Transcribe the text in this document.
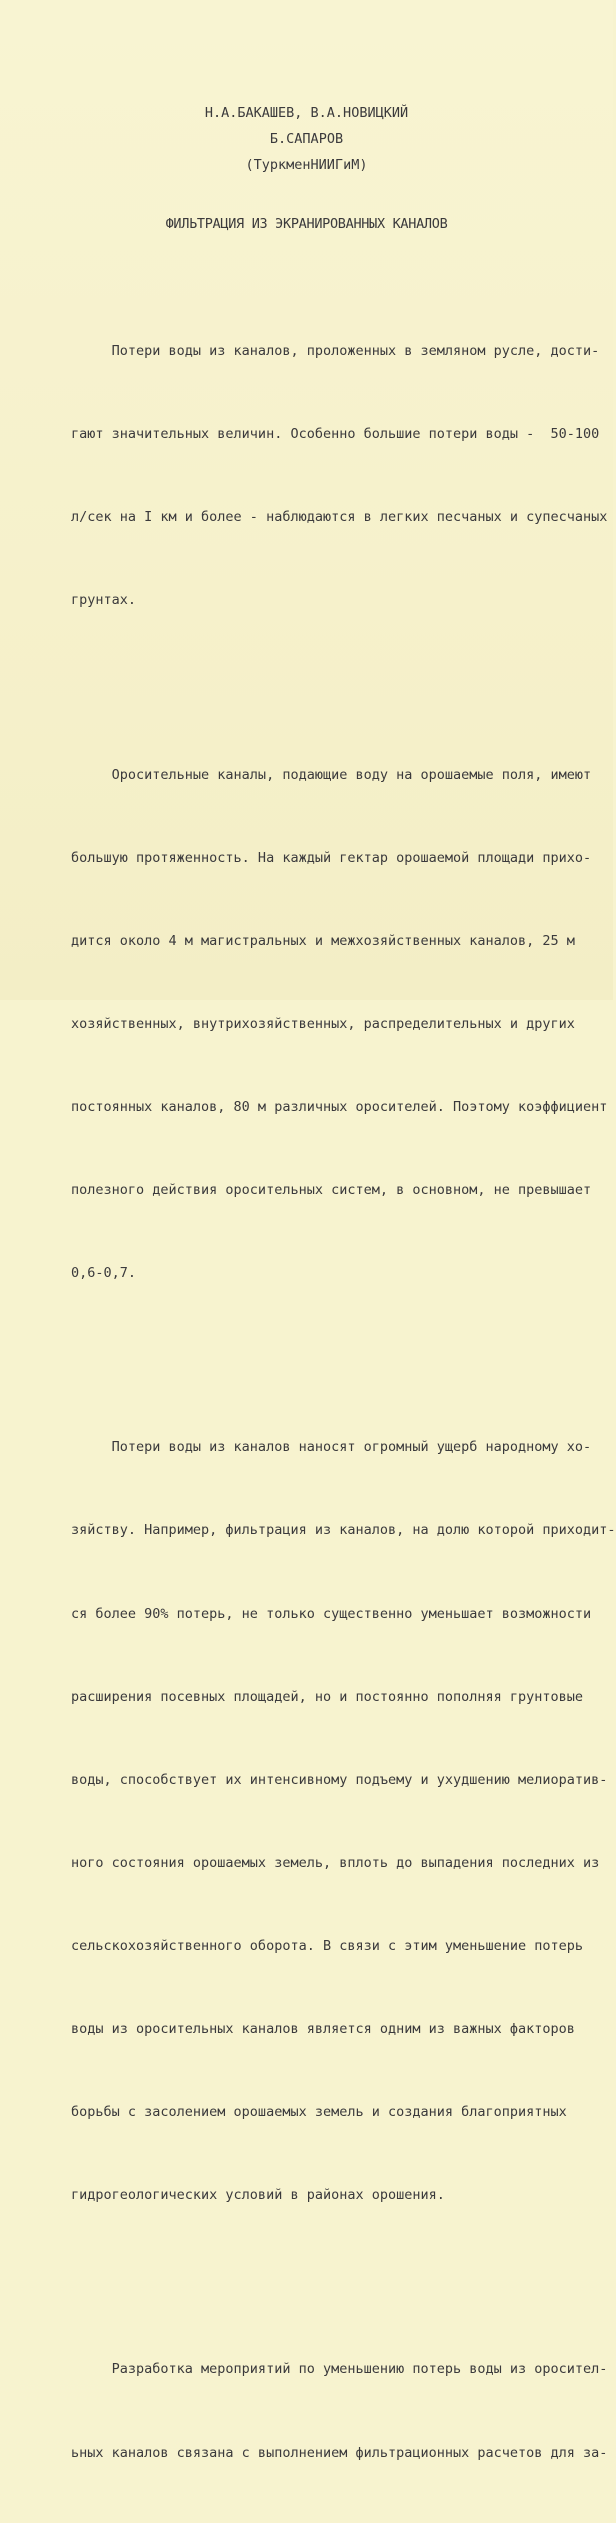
Н.А.БАКАШЕВ, В.А.НОВИЦКИЙ
Б.САПАРОВ
(ТуркменНИИГиМ)
ФИЛЬТРАЦИЯ ИЗ ЭКРАНИРОВАННЫХ КАНАЛОВ

Потери воды из каналов, проложенных в земляном русле, дости-

гают значительных величин. Особенно большие потери воды -  50-100

л/сек на I км и более - наблюдаются в легких песчаных и супесчаных

грунтах.

Оросительные каналы, подающие воду на орошаемые поля, имеют

большую протяженность. На каждый гектар орошаемой площади прихо-

дится около 4 м магистральных и межхозяйственных каналов, 25 м

хозяйственных, внутрихозяйственных, распределительных и других

постоянных каналов, 80 м различных оросителей. Поэтому коэффициент

полезного действия оросительных систем, в основном, не превышает

0,6-0,7.

Потери воды из каналов наносят огромный ущерб народному хо-

зяйству. Например, фильтрация из каналов, на долю которой приходит-

ся более 90% потерь, не только существенно уменьшает возможности

расширения посевных площадей, но и постоянно пополняя грунтовые

воды, способствует их интенсивному подъему и ухудшению мелиоратив-

ного состояния орошаемых земель, вплоть до выпадения последних из

сельскохозяйственного оборота. В связи с этим уменьшение потерь

воды из оросительных каналов является одним из важных факторов

борьбы с засолением орошаемых земель и создания благоприятных

гидрогеологических условий в районах орошения.

Разработка мероприятий по уменьшению потерь воды из оросител-

ьных каналов связана с выполнением фильтрационных расчетов для за-
